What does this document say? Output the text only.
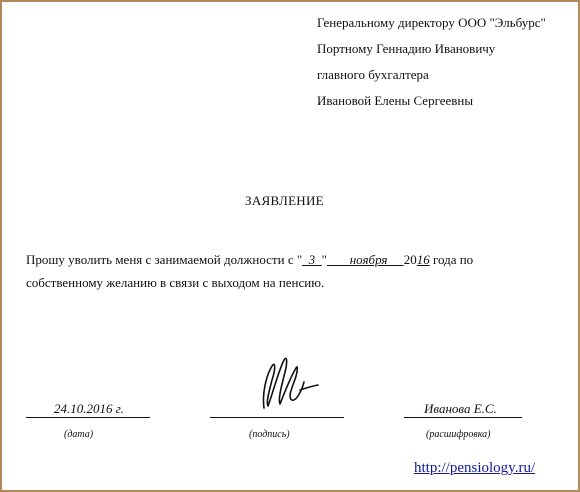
Генеральному директору ООО "Эльбурс"
Портному Геннадию Ивановичу
главного бухгалтера
Ивановой Елены Сергеевны
ЗАЯВЛЕНИЕ
Прошу уволить меня с занимаемой должности с "  3  "       ноября     2016 года по
собственному желанию в связи с выходом на пенсию.
24.10.2016 г.
(дата)	(подпись)
Иванова Е.С.
(расшифровка)
http://pensiology.ru/
